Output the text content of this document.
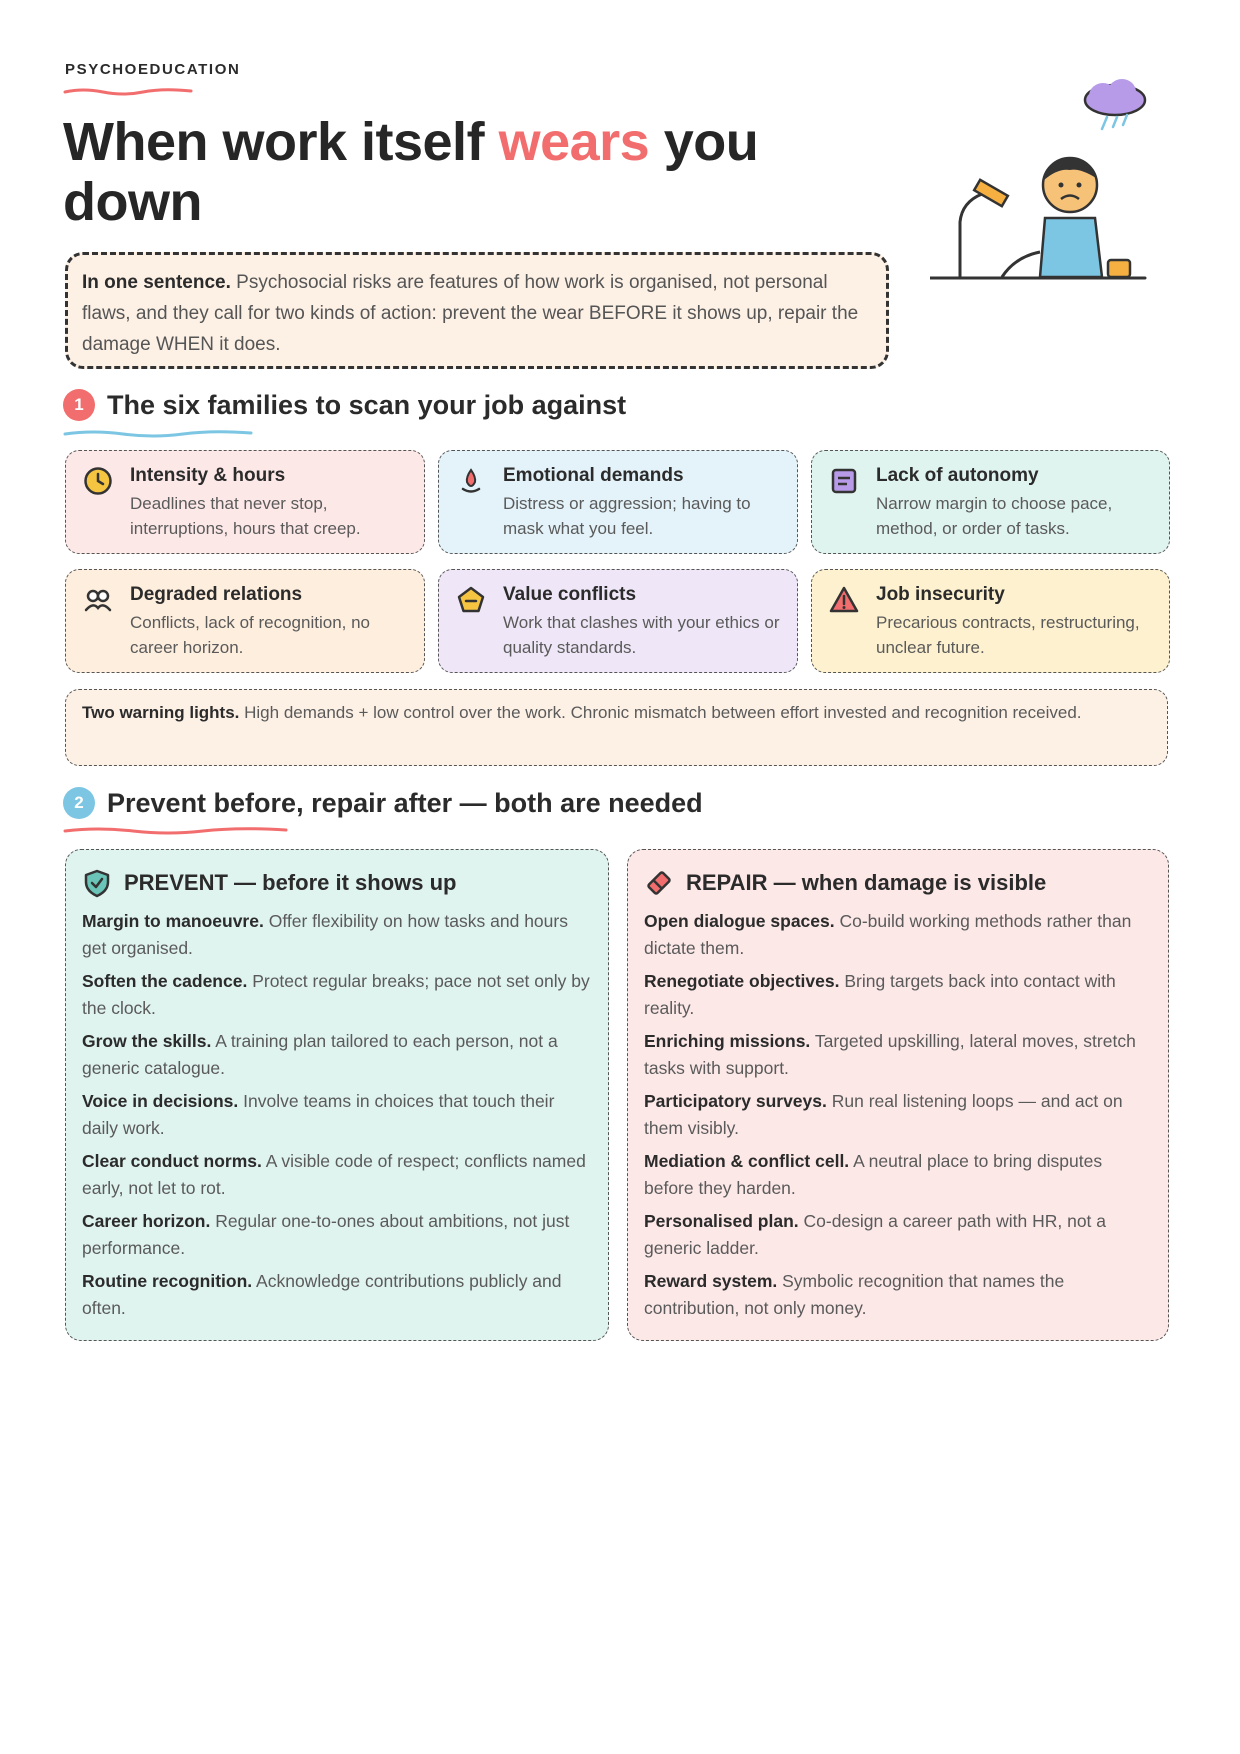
PSYCHOEDUCATION
When work itself wears you down
In one sentence. Psychosocial risks are features of how work is organised, not personal flaws, and they call for two kinds of action: prevent the wear BEFORE it shows up, repair the damage WHEN it does.
1 The six families to scan your job against
Intensity & hours
Deadlines that never stop, interruptions, hours that creep.
Emotional demands
Distress or aggression; having to mask what you feel.
Lack of autonomy
Narrow margin to choose pace, method, or order of tasks.
Degraded relations
Conflicts, lack of recognition, no career horizon.
Value conflicts
Work that clashes with your ethics or quality standards.
Job insecurity
Precarious contracts, restructuring, unclear future.
Two warning lights. High demands + low control over the work. Chronic mismatch between effort invested and recognition received.
2 Prevent before, repair after — both are needed
PREVENT — before it shows up
Margin to manoeuvre. Offer flexibility on how tasks and hours get organised.
Soften the cadence. Protect regular breaks; pace not set only by the clock.
Grow the skills. A training plan tailored to each person, not a generic catalogue.
Voice in decisions. Involve teams in choices that touch their daily work.
Clear conduct norms. A visible code of respect; conflicts named early, not let to rot.
Career horizon. Regular one-to-ones about ambitions, not just performance.
Routine recognition. Acknowledge contributions publicly and often.
REPAIR — when damage is visible
Open dialogue spaces. Co-build working methods rather than dictate them.
Renegotiate objectives. Bring targets back into contact with reality.
Enriching missions. Targeted upskilling, lateral moves, stretch tasks with support.
Participatory surveys. Run real listening loops — and act on them visibly.
Mediation & conflict cell. A neutral place to bring disputes before they harden.
Personalised plan. Co-design a career path with HR, not a generic ladder.
Reward system. Symbolic recognition that names the contribution, not only money.
